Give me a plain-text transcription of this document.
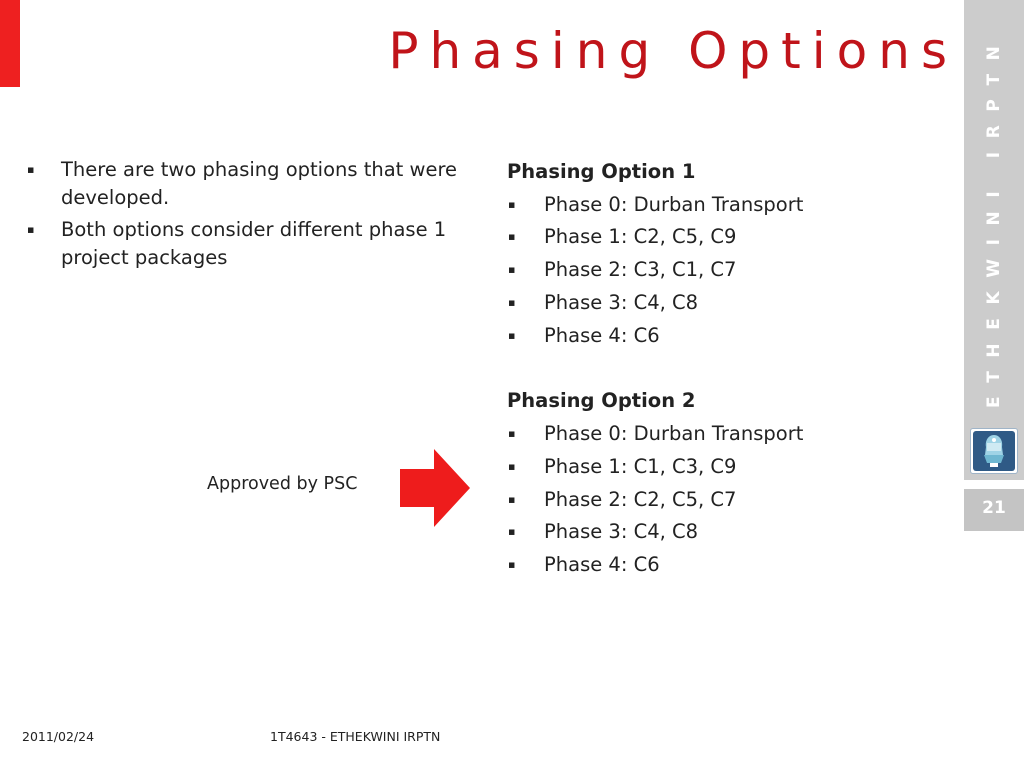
Phasing Options ETHEKWINI IRPTN
21
▪ There are two phasing options that were developed.
▪ Both options consider different phase 1 project packages
Phasing Option 1
▪ Phase 0: Durban Transport
▪ Phase 1: C2, C5, C9
▪ Phase 2: C3, C1, C7
▪ Phase 3: C4, C8
▪ Phase 4: C6
Phasing Option 2
▪ Phase 0: Durban Transport
▪ Phase 1: C1, C3, C9
▪ Phase 2: C2, C5, C7
▪ Phase 3: C4, C8
▪ Phase 4: C6
Approved by PSC
2011/02/24	1T4643 - ETHEKWINI IRPTN
